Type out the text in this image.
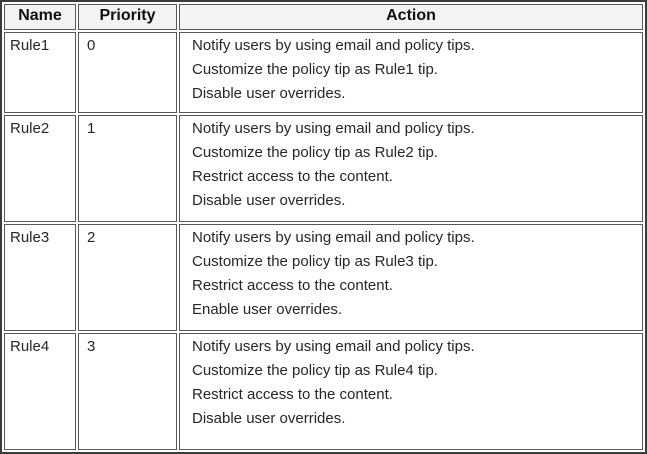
Name	Priority	Action
Rule1	0	Notify users by using email and policy tips.
Customize the policy tip as Rule1 tip.
Disable user overrides.

Rule2	1	Notify users by using email and policy tips.
Customize the policy tip as Rule2 tip.
Restrict access to the content.
Disable user overrides.

Rule3	2	Notify users by using email and policy tips.
Customize the policy tip as Rule3 tip.
Restrict access to the content.
Enable user overrides.

Rule4	3	Notify users by using email and policy tips.
Customize the policy tip as Rule4 tip.
Restrict access to the content.
Disable user overrides.
